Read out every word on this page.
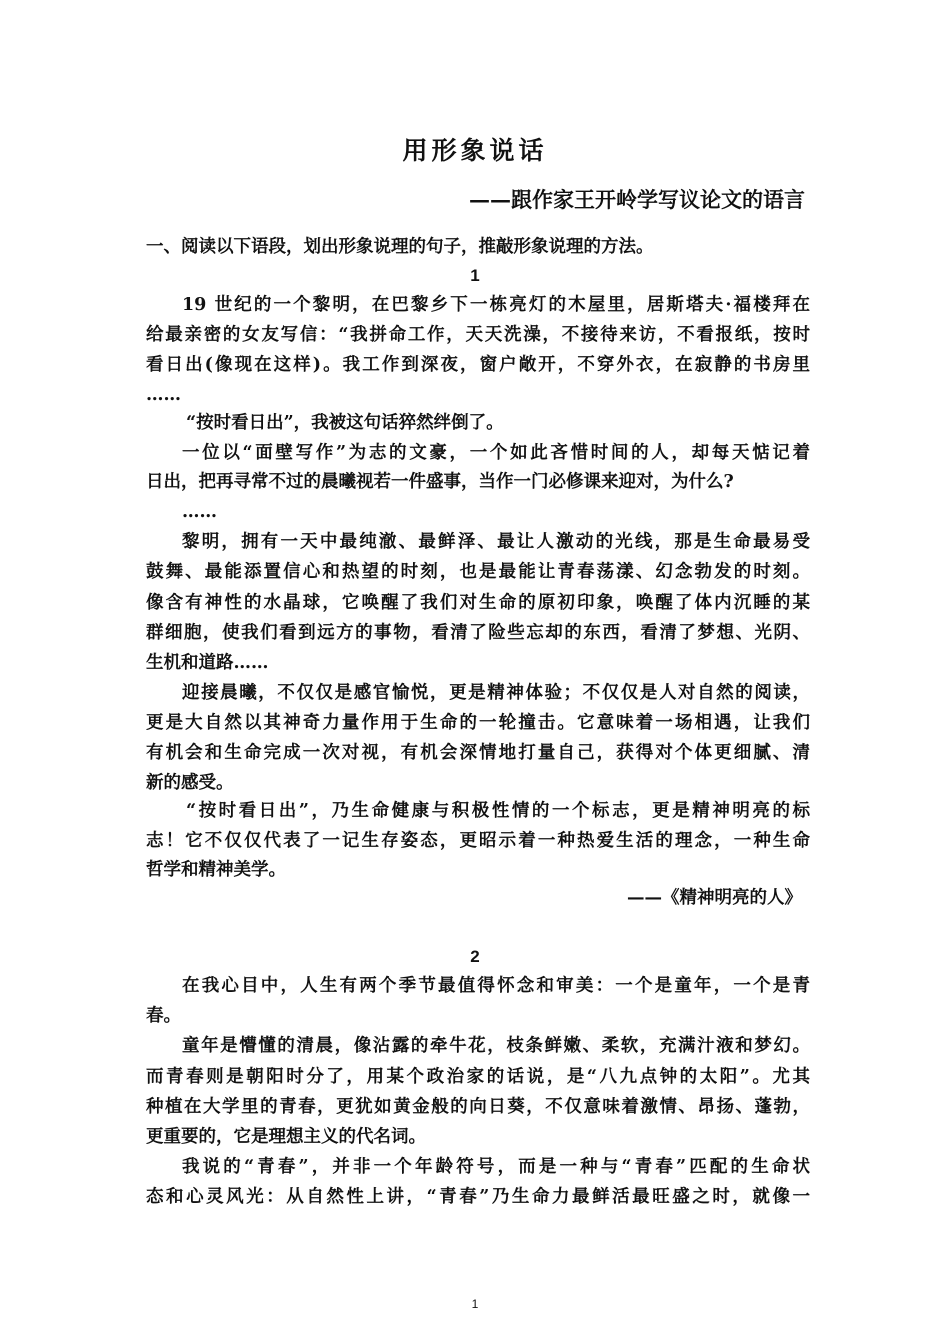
用形象说话
——跟作家王开岭学写议论文的语言
一、阅读以下语段，划出形象说理的句子，推敲形象说理的方法。
1
19 世纪的一个黎明，在巴黎乡下一栋亮灯的木屋里，居斯塔夫·福楼拜在
给最亲密的女友写信：“我拼命工作，天天洗澡，不接待来访，不看报纸，按时
看日出(像现在这样)。我工作到深夜，窗户敞开，不穿外衣，在寂静的书房里
……
“按时看日出”，我被这句话猝然绊倒了。
一位以“面壁写作”为志的文豪，一个如此吝惜时间的人，却每天惦记着
日出，把再寻常不过的晨曦视若一件盛事，当作一门必修课来迎对，为什么?
……
黎明，拥有一天中最纯澈、最鲜泽、最让人激动的光线，那是生命最易受
鼓舞、最能添置信心和热望的时刻，也是最能让青春荡漾、幻念勃发的时刻。
像含有神性的水晶球，它唤醒了我们对生命的原初印象，唤醒了体内沉睡的某
群细胞，使我们看到远方的事物，看清了险些忘却的东西，看清了梦想、光阴、
生机和道路……
迎接晨曦，不仅仅是感官愉悦，更是精神体验；不仅仅是人对自然的阅读，
更是大自然以其神奇力量作用于生命的一轮撞击。它意味着一场相遇，让我们
有机会和生命完成一次对视，有机会深情地打量自己，获得对个体更细腻、清
新的感受。
“按时看日出”，乃生命健康与积极性情的一个标志，更是精神明亮的标
志！它不仅仅代表了一记生存姿态，更昭示着一种热爱生活的理念，一种生命
哲学和精神美学。
——《精神明亮的人》
2
在我心目中，人生有两个季节最值得怀念和审美：一个是童年，一个是青
春。
童年是懵懂的清晨，像沾露的牵牛花，枝条鲜嫩、柔软，充满汁液和梦幻。
而青春则是朝阳时分了，用某个政治家的话说，是“八九点钟的太阳”。尤其
种植在大学里的青春，更犹如黄金般的向日葵，不仅意味着激情、昂扬、蓬勃，
更重要的，它是理想主义的代名词。
我说的“青春”，并非一个年龄符号，而是一种与“青春”匹配的生命状
态和心灵风光：从自然性上讲，“青春”乃生命力最鲜活最旺盛之时，就像一
1
